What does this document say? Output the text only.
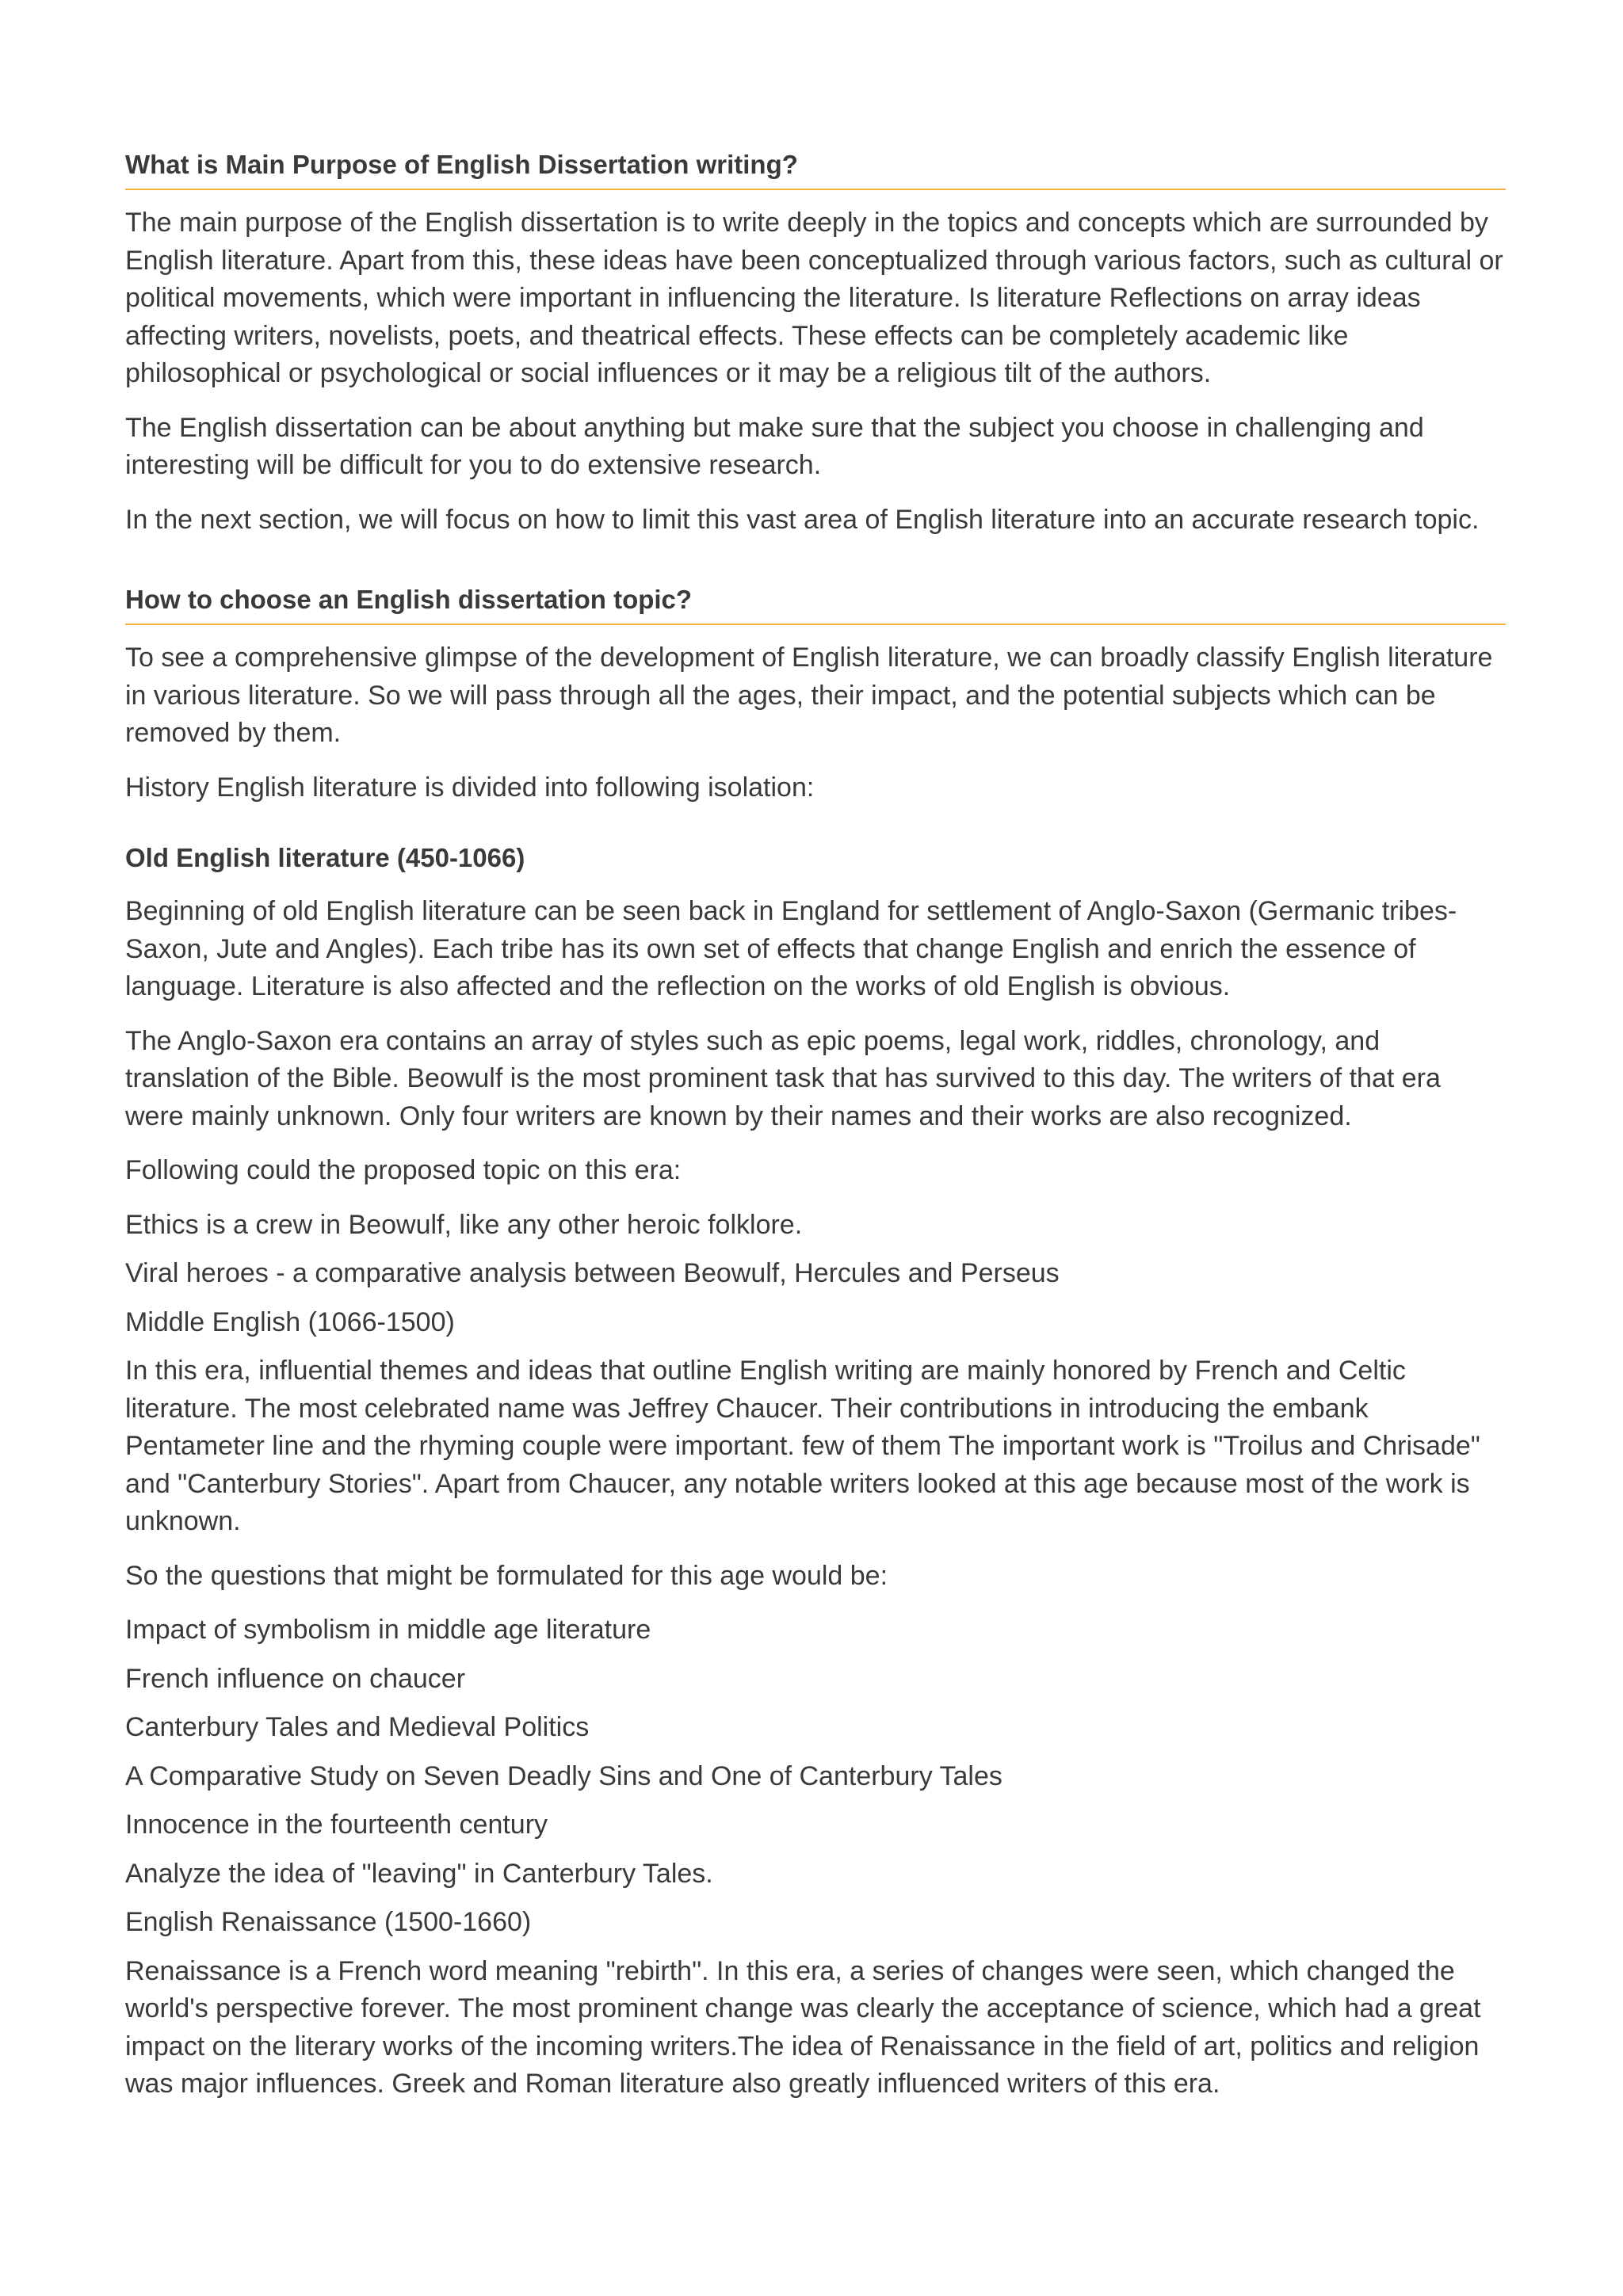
What is Main Purpose of English Dissertation writing?

The main purpose of the English dissertation is to write deeply in the topics and concepts which are surrounded by English literature. Apart from this, these ideas have been conceptualized through various factors, such as cultural or political movements, which were important in influencing the literature. Is literature Reflections on array ideas affecting writers, novelists, poets, and theatrical effects. These effects can be completely academic like philosophical or psychological or social influences or it may be a religious tilt of the authors.

The English dissertation can be about anything but make sure that the subject you choose in challenging and interesting will be difficult for you to do extensive research.

In the next section, we will focus on how to limit this vast area of English literature into an accurate research topic.

How to choose an English dissertation topic?

To see a comprehensive glimpse of the development of English literature, we can broadly classify English literature in various literature. So we will pass through all the ages, their impact, and the potential subjects which can be removed by them.

History English literature is divided into following isolation:

Old English literature (450-1066)

Beginning of old English literature can be seen back in England for settlement of Anglo-Saxon (Germanic tribes-Saxon, Jute and Angles). Each tribe has its own set of effects that change English and enrich the essence of language. Literature is also affected and the reflection on the works of old English is obvious.

The Anglo-Saxon era contains an array of styles such as epic poems, legal work, riddles, chronology, and translation of the Bible. Beowulf is the most prominent task that has survived to this day. The writers of that era were mainly unknown. Only four writers are known by their names and their works are also recognized.

Following could the proposed topic on this era:

Ethics is a crew in Beowulf, like any other heroic folklore.

Viral heroes - a comparative analysis between Beowulf, Hercules and Perseus

Middle English (1066-1500)

In this era, influential themes and ideas that outline English writing are mainly honored by French and Celtic literature. The most celebrated name was Jeffrey Chaucer. Their contributions in introducing the embank Pentameter line and the rhyming couple were important. few of them The important work is "Troilus and Chrisade" and "Canterbury Stories". Apart from Chaucer, any notable writers looked at this age because most of the work is unknown.

So the questions that might be formulated for this age would be:

Impact of symbolism in middle age literature

French influence on chaucer

Canterbury Tales and Medieval Politics

A Comparative Study on Seven Deadly Sins and One of Canterbury Tales

Innocence in the fourteenth century

Analyze the idea of "leaving" in Canterbury Tales.

English Renaissance (1500-1660)

Renaissance is a French word meaning "rebirth". In this era, a series of changes were seen, which changed the world's perspective forever. The most prominent change was clearly the acceptance of science, which had a great impact on the literary works of the incoming writers.The idea of Renaissance in the field of art, politics and religion was major influences. Greek and Roman literature also greatly influenced writers of this era.
